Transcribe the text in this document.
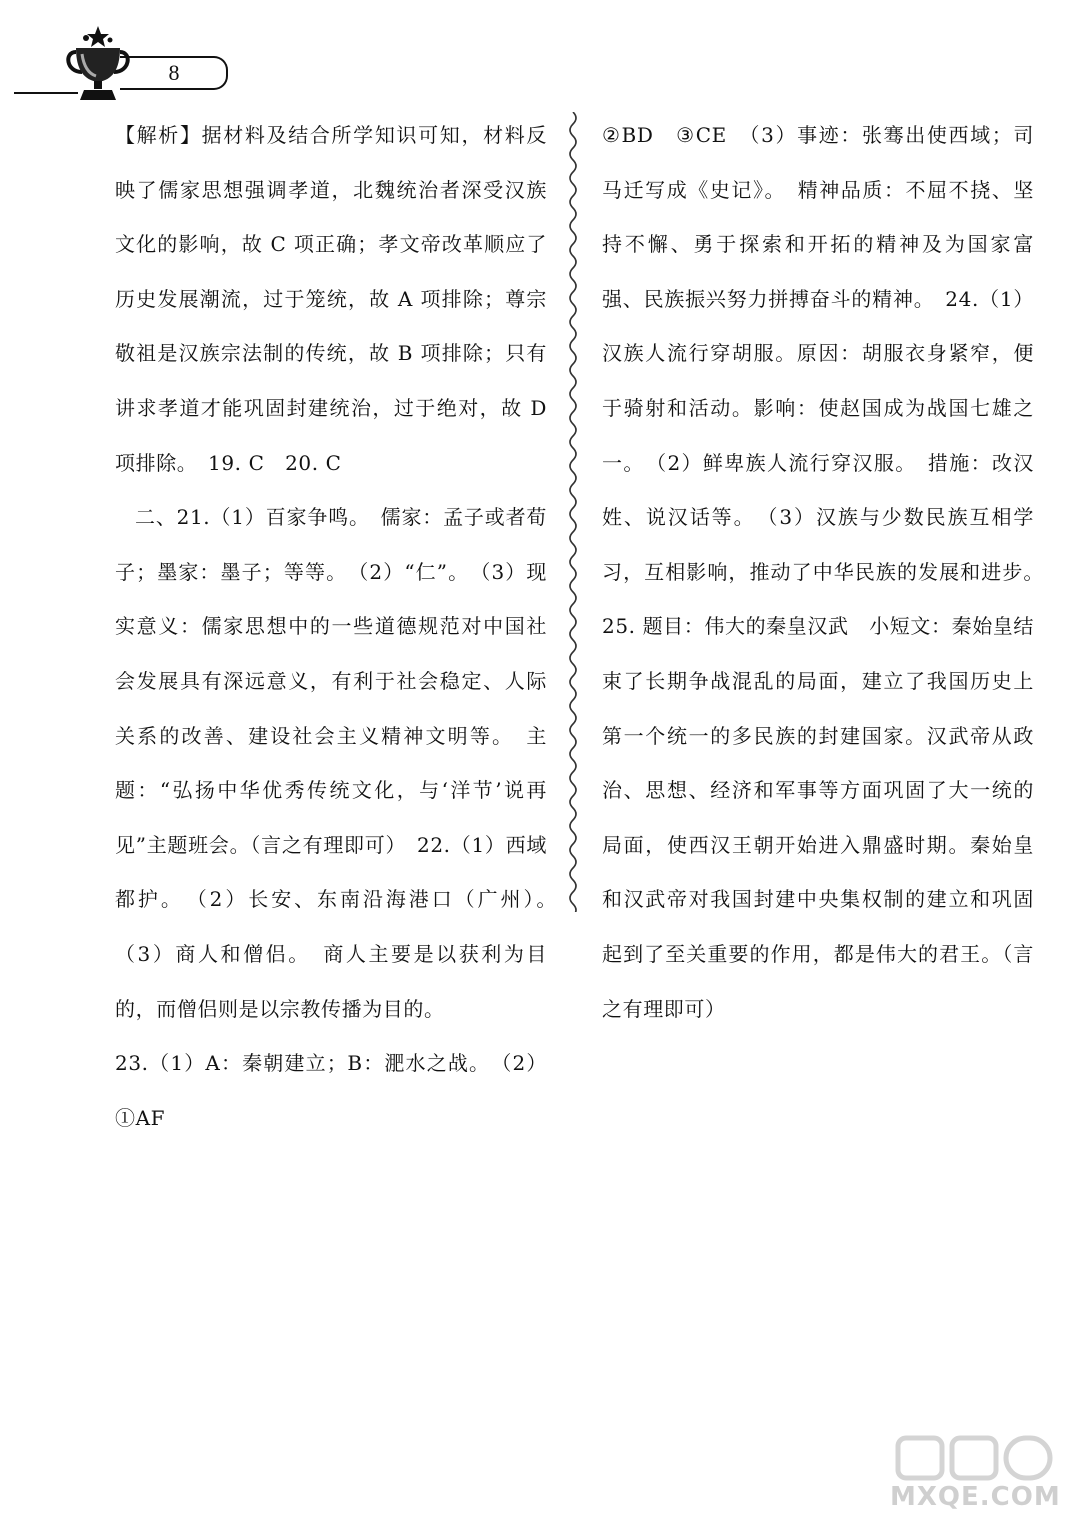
8

【解析】据材料及结合所学知识可知，材料反映了儒家思想强调孝道，北魏统治者深受汉族文化的影响，故 C 项正确；孝文帝改革顺应了历史发展潮流，过于笼统，故 A 项排除；尊宗敬祖是汉族宗法制的传统，故 B 项排除；只有讲求孝道才能巩固封建统治，过于绝对，故 D 项排除。　19. C　20. C

二、21.（1）百家争鸣。　儒家：孟子或者荀子；墨家：墨子；等等。　（2）“仁”。　（3）现实意义：儒家思想中的一些道德规范对中国社会发展具有深远意义，有利于社会稳定、人际关系的改善、建设社会主义精神文明等。　主题：“弘扬中华优秀传统文化，与‘洋节’说再见”主题班会。（言之有理即可）　22.（1）西域都护。　（2）长安、东南沿海港口（广州）。　（3）商人和僧侣。　商人主要是以获利为目的，而僧侣则是以宗教传播为目的。

23.（1）A：秦朝建立；B：淝水之战。　（2）①AF

②BD　③CE　（3）事迹：张骞出使西域；司马迁写成《史记》。　精神品质：不屈不挠、坚持不懈、勇于探索和开拓的精神及为国家富强、民族振兴努力拼搏奋斗的精神。　24.（1）汉族人流行穿胡服。原因：胡服衣身紧窄，便于骑射和活动。影响：使赵国成为战国七雄之一。　（2）鲜卑族人流行穿汉服。　措施：改汉姓、说汉话等。　（3）汉族与少数民族互相学习，互相影响，推动了中华民族的发展和进步。　25. 题目：伟大的秦皇汉武　小短文：秦始皇结束了长期争战混乱的局面，建立了我国历史上第一个统一的多民族的封建国家。汉武帝从政治、思想、经济和军事等方面巩固了大一统的局面，使西汉王朝开始进入鼎盛时期。秦始皇和汉武帝对我国封建中央集权制的建立和巩固起到了至关重要的作用，都是伟大的君王。（言之有理即可）

MXQE.COM
